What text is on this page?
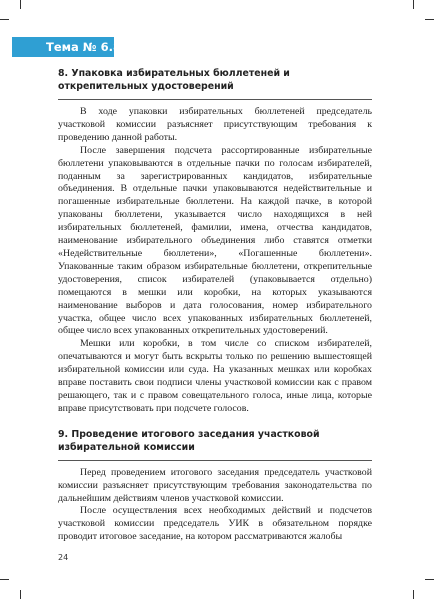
Тема № 6.8
8. Упаковка избирательных бюллетеней и открепительных удостоверений

В ходе упаковки избирательных бюллетеней председатель участковой комиссии разъясняет присутствующим требования к проведению данной работы.

После завершения подсчета рассортированные избирательные бюллетени упаковываются в отдельные пачки по голосам избирателей, поданным за зарегистрированных кандидатов, избирательные объединения. В отдельные пачки упаковываются недействительные и погашенные избирательные бюллетени. На каждой пачке, в которой упакованы бюллетени, указывается число находящихся в ней избирательных бюллетеней, фамилии, имена, отчества кандидатов, наименование избирательного объединения либо ставятся отметки «Недействительные бюллетени», «Погашенные бюллетени». Упакованные таким образом избирательные бюллетени, открепительные удостоверения, список избирателей (упаковывается отдельно) помещаются в мешки или коробки, на которых указываются наименование выборов и дата голосования, номер избирательного участка, общее число всех упакованных избирательных бюллетеней, общее число всех упакованных открепительных удостоверений.

Мешки или коробки, в том числе со списком избирателей, опечатываются и могут быть вскрыты только по решению вышестоящей избирательной комиссии или суда. На указанных мешках или коробках вправе поставить свои подписи члены участковой комиссии как с правом решающего, так и с правом совещательного голоса, иные лица, которые вправе присутствовать при подсчете голосов.

9. Проведение итогового заседания участковой избирательной комиссии

Перед проведением итогового заседания председатель участковой комиссии разъясняет присутствующим требования законодательства по дальнейшим действиям членов участковой комиссии.

После осуществления всех необходимых действий и подсчетов участковой комиссии председатель УИК в обязательном порядке проводит итоговое заседание, на котором рассматриваются жалобы

24
